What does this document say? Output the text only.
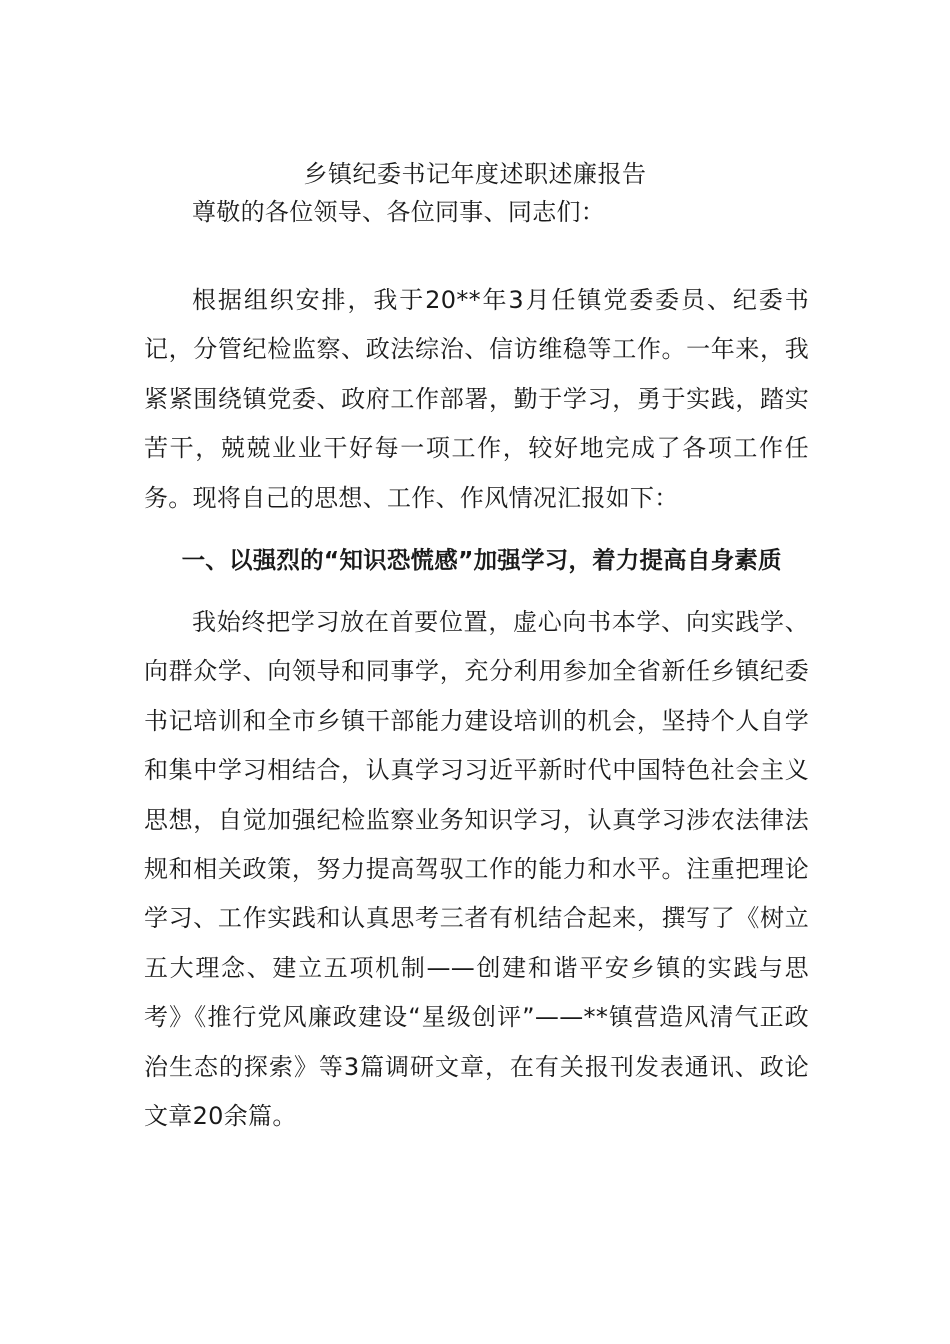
乡镇纪委书记年度述职述廉报告

尊敬的各位领导、各位同事、同志们：

根据组织安排，我于20**年3月任镇党委委员、纪委书记，分管纪检监察、政法综治、信访维稳等工作。一年来，我紧紧围绕镇党委、政府工作部署，勤于学习，勇于实践，踏实苦干，兢兢业业干好每一项工作，较好地完成了各项工作任务。现将自己的思想、工作、作风情况汇报如下：

一、以强烈的“知识恐慌感”加强学习，着力提高自身素质

我始终把学习放在首要位置，虚心向书本学、向实践学、向群众学、向领导和同事学，充分利用参加全省新任乡镇纪委书记培训和全市乡镇干部能力建设培训的机会，坚持个人自学和集中学习相结合，认真学习习近平新时代中国特色社会主义思想，自觉加强纪检监察业务知识学习，认真学习涉农法律法规和相关政策，努力提高驾驭工作的能力和水平。注重把理论学习、工作实践和认真思考三者有机结合起来，撰写了《树立五大理念、建立五项机制——创建和谐平安乡镇的实践与思考》《推行党风廉政建设“星级创评”——**镇营造风清气正政治生态的探索》等3篇调研文章，在有关报刊发表通讯、政论文章20余篇。
